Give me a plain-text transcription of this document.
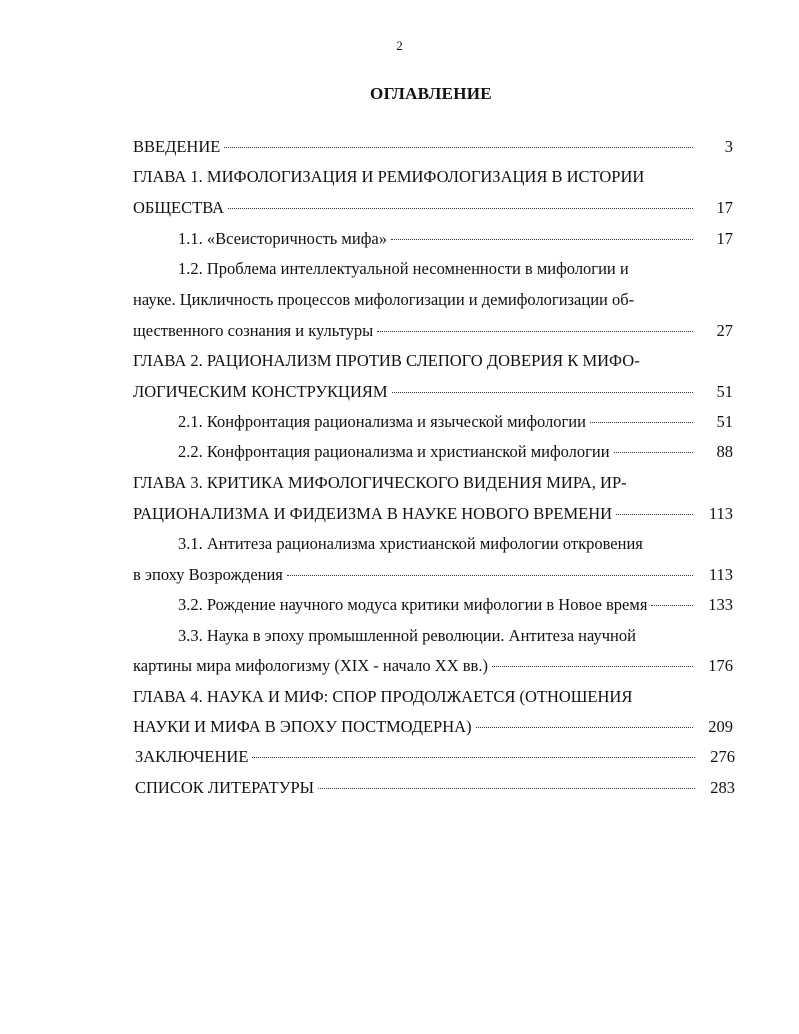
2
ОГЛАВЛЕНИЕ
ВВЕДЕНИЕ	3
ГЛАВА 1. МИФОЛОГИЗАЦИЯ И РЕМИФОЛОГИЗАЦИЯ В ИСТОРИИ
ОБЩЕСТВА	17
1.1. «Всеисторичность мифа»	17
1.2. Проблема интеллектуальной несомненности в мифологии и
науке. Цикличность процессов мифологизации и демифологизации об-
щественного сознания и культуры	27
ГЛАВА 2. РАЦИОНАЛИЗМ ПРОТИВ СЛЕПОГО ДОВЕРИЯ К МИФО-
ЛОГИЧЕСКИМ КОНСТРУКЦИЯМ	51
2.1. Конфронтация рационализма и языческой мифологии	51
2.2. Конфронтация рационализма и христианской мифологии	88
ГЛАВА 3. КРИТИКА МИФОЛОГИЧЕСКОГО ВИДЕНИЯ МИРА, ИР-
РАЦИОНАЛИЗМА И ФИДЕИЗМА В НАУКЕ НОВОГО ВРЕМЕНИ	113
3.1. Антитеза рационализма христианской мифологии откровения
в эпоху Возрождения	113
3.2. Рождение научного модуса критики мифологии в Новое время	133
3.3. Наука в эпоху промышленной революции. Антитеза научной
картины мира мифологизму (XIX - начало XX вв.)	176
ГЛАВА 4. НАУКА И МИФ: СПОР ПРОДОЛЖАЕТСЯ (ОТНОШЕНИЯ
НАУКИ И МИФА В ЭПОХУ ПОСТМОДЕРНА)	209
ЗАКЛЮЧЕНИЕ	276
СПИСОК ЛИТЕРАТУРЫ	283
